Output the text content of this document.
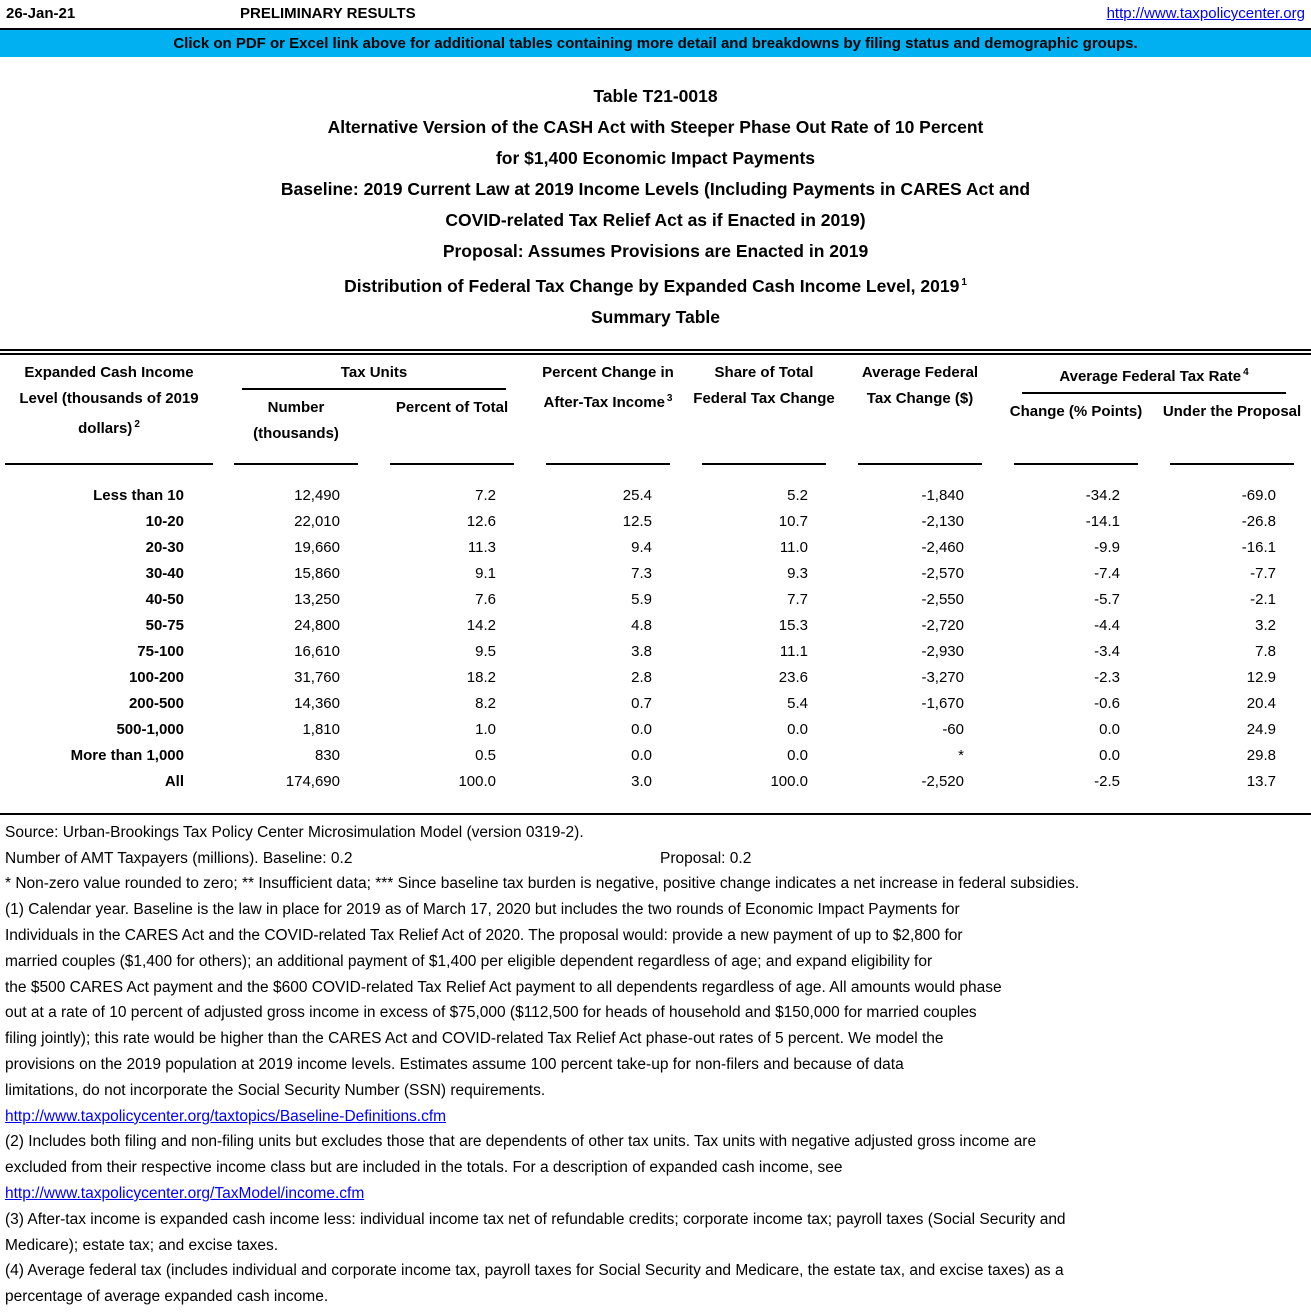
26-Jan-21	PRELIMINARY RESULTS	http://www.taxpolicycenter.org
Click on PDF or Excel link above for additional tables containing more detail and breakdowns by filing status and demographic groups.
Table T21-0018
Alternative Version of the CASH Act with Steeper Phase Out Rate of 10 Percent
for $1,400 Economic Impact Payments
Baseline: 2019 Current Law at 2019 Income Levels (Including Payments in CARES Act and
COVID-related Tax Relief Act as if Enacted in 2019)
Proposal: Assumes Provisions are Enacted in 2019
Distribution of Federal Tax Change by Expanded Cash Income Level, 2019 $^1$
Summary Table
Expanded Cash Income Level (thousands of 2019 dollars) $^2$
Tax Units
Number (thousands)
Percent of Total
Percent Change in After-Tax Income $^3$
Share of Total Federal Tax Change
Average Federal Tax Change ($)
Average Federal Tax Rate $^4$
Change (% Points)	Under the Proposal
Less than 10	12,490	7.2	25.4	5.2	-1,840	-34.2	-69.0
10-20	22,010	12.6	12.5	10.7	-2,130	-14.1	-26.8
20-30	19,660	11.3	9.4	11.0	-2,460	-9.9	-16.1
30-40	15,860	9.1	7.3	9.3	-2,570	-7.4	-7.7
40-50	13,250	7.6	5.9	7.7	-2,550	-5.7	-2.1
50-75	24,800	14.2	4.8	15.3	-2,720	-4.4	3.2
75-100	16,610	9.5	3.8	11.1	-2,930	-3.4	7.8
100-200	31,760	18.2	2.8	23.6	-3,270	-2.3	12.9
200-500	14,360	8.2	0.7	5.4	-1,670	-0.6	20.4
500-1,000	1,810	1.0	0.0	0.0	-60	0.0	24.9
More than 1,000	830	0.5	0.0	0.0	*	0.0	29.8
All	174,690	100.0	3.0	100.0	-2,520	-2.5	13.7
Source: Urban-Brookings Tax Policy Center Microsimulation Model (version 0319-2).
Number of AMT Taxpayers (millions). Baseline: 0.2	Proposal: 0.2
* Non-zero value rounded to zero; ** Insufficient data; *** Since baseline tax burden is negative, positive change indicates a net increase in federal subsidies.
(1) Calendar year. Baseline is the law in place for 2019 as of March 17, 2020 but includes the two rounds of Economic Impact Payments for
Individuals in the CARES Act and the COVID-related Tax Relief Act of 2020. The proposal would: provide a new payment of up to $2,800 for
married couples ($1,400 for others); an additional payment of $1,400 per eligible dependent regardless of age; and expand eligibility for
the $500 CARES Act payment and the $600 COVID-related Tax Relief Act payment to all dependents regardless of age. All amounts would phase
out at a rate of 10 percent of adjusted gross income in excess of $75,000 ($112,500 for heads of household and $150,000 for married couples
filing jointly); this rate would be higher than the CARES Act and COVID-related Tax Relief Act phase-out rates of 5 percent. We model the
provisions on the 2019 population at 2019 income levels. Estimates assume 100 percent take-up for non-filers and because of data
limitations, do not incorporate the Social Security Number (SSN) requirements.
http://www.taxpolicycenter.org/taxtopics/Baseline-Definitions.cfm
(2) Includes both filing and non-filing units but excludes those that are dependents of other tax units. Tax units with negative adjusted gross income are
excluded from their respective income class but are included in the totals. For a description of expanded cash income, see
http://www.taxpolicycenter.org/TaxModel/income.cfm
(3) After-tax income is expanded cash income less: individual income tax net of refundable credits; corporate income tax; payroll taxes (Social Security and
Medicare); estate tax; and excise taxes.
(4) Average federal tax (includes individual and corporate income tax, payroll taxes for Social Security and Medicare, the estate tax, and excise taxes) as a
percentage of average expanded cash income.
